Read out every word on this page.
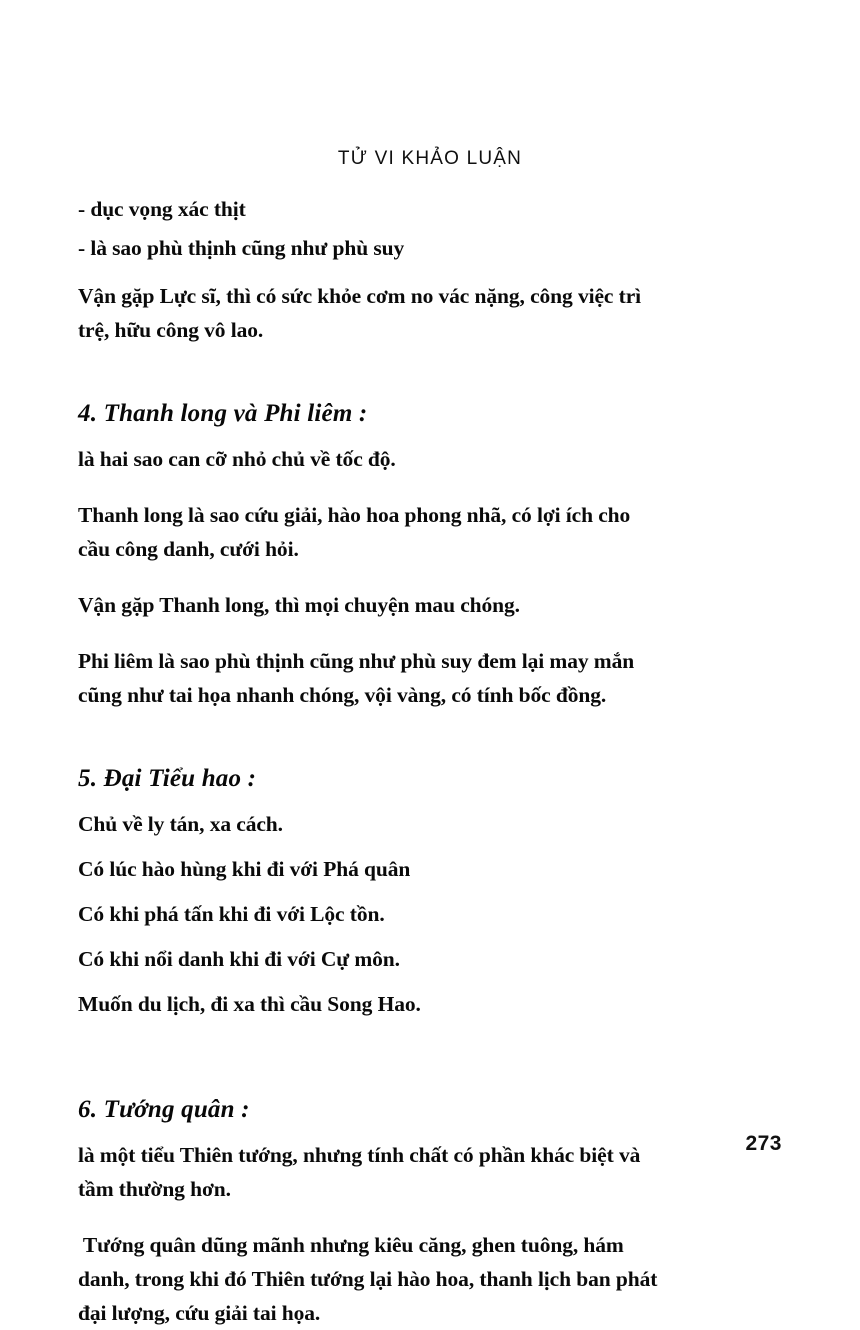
TỬ VI KHẢO LUẬN
- dục vọng xác thịt
- là sao phù thịnh cũng như phù suy
Vận gặp Lực sĩ, thì có sức khỏe cơm no vác nặng, công việc trì
trệ, hữu công vô lao.
4. Thanh long và Phi liêm :
là hai sao can cỡ nhỏ chủ về tốc độ.
Thanh long là sao cứu giải, hào hoa phong nhã, có lợi ích cho
cầu công danh, cưới hỏi.
Vận gặp Thanh long, thì mọi chuyện mau chóng.
Phi liêm là sao phù thịnh cũng như phù suy đem lại may mắn
cũng như tai họa nhanh chóng, vội vàng, có tính bốc đồng.
5. Đại Tiểu hao :
Chủ về ly tán, xa cách.
Có lúc hào hùng khi đi với Phá quân
Có khi phá tấn khi đi với Lộc tồn.
Có khi nổi danh khi đi với Cự môn.
Muốn du lịch, đi xa thì cầu Song Hao.
6. Tướng quân :
là một tiểu Thiên tướng, nhưng tính chất có phần khác biệt và
tầm thường hơn.
Tướng quân dũng mãnh nhưng kiêu căng, ghen tuông, hám
danh, trong khi đó Thiên tướng lại hào hoa, thanh lịch ban phát
đại lượng, cứu giải tai họa.
273
